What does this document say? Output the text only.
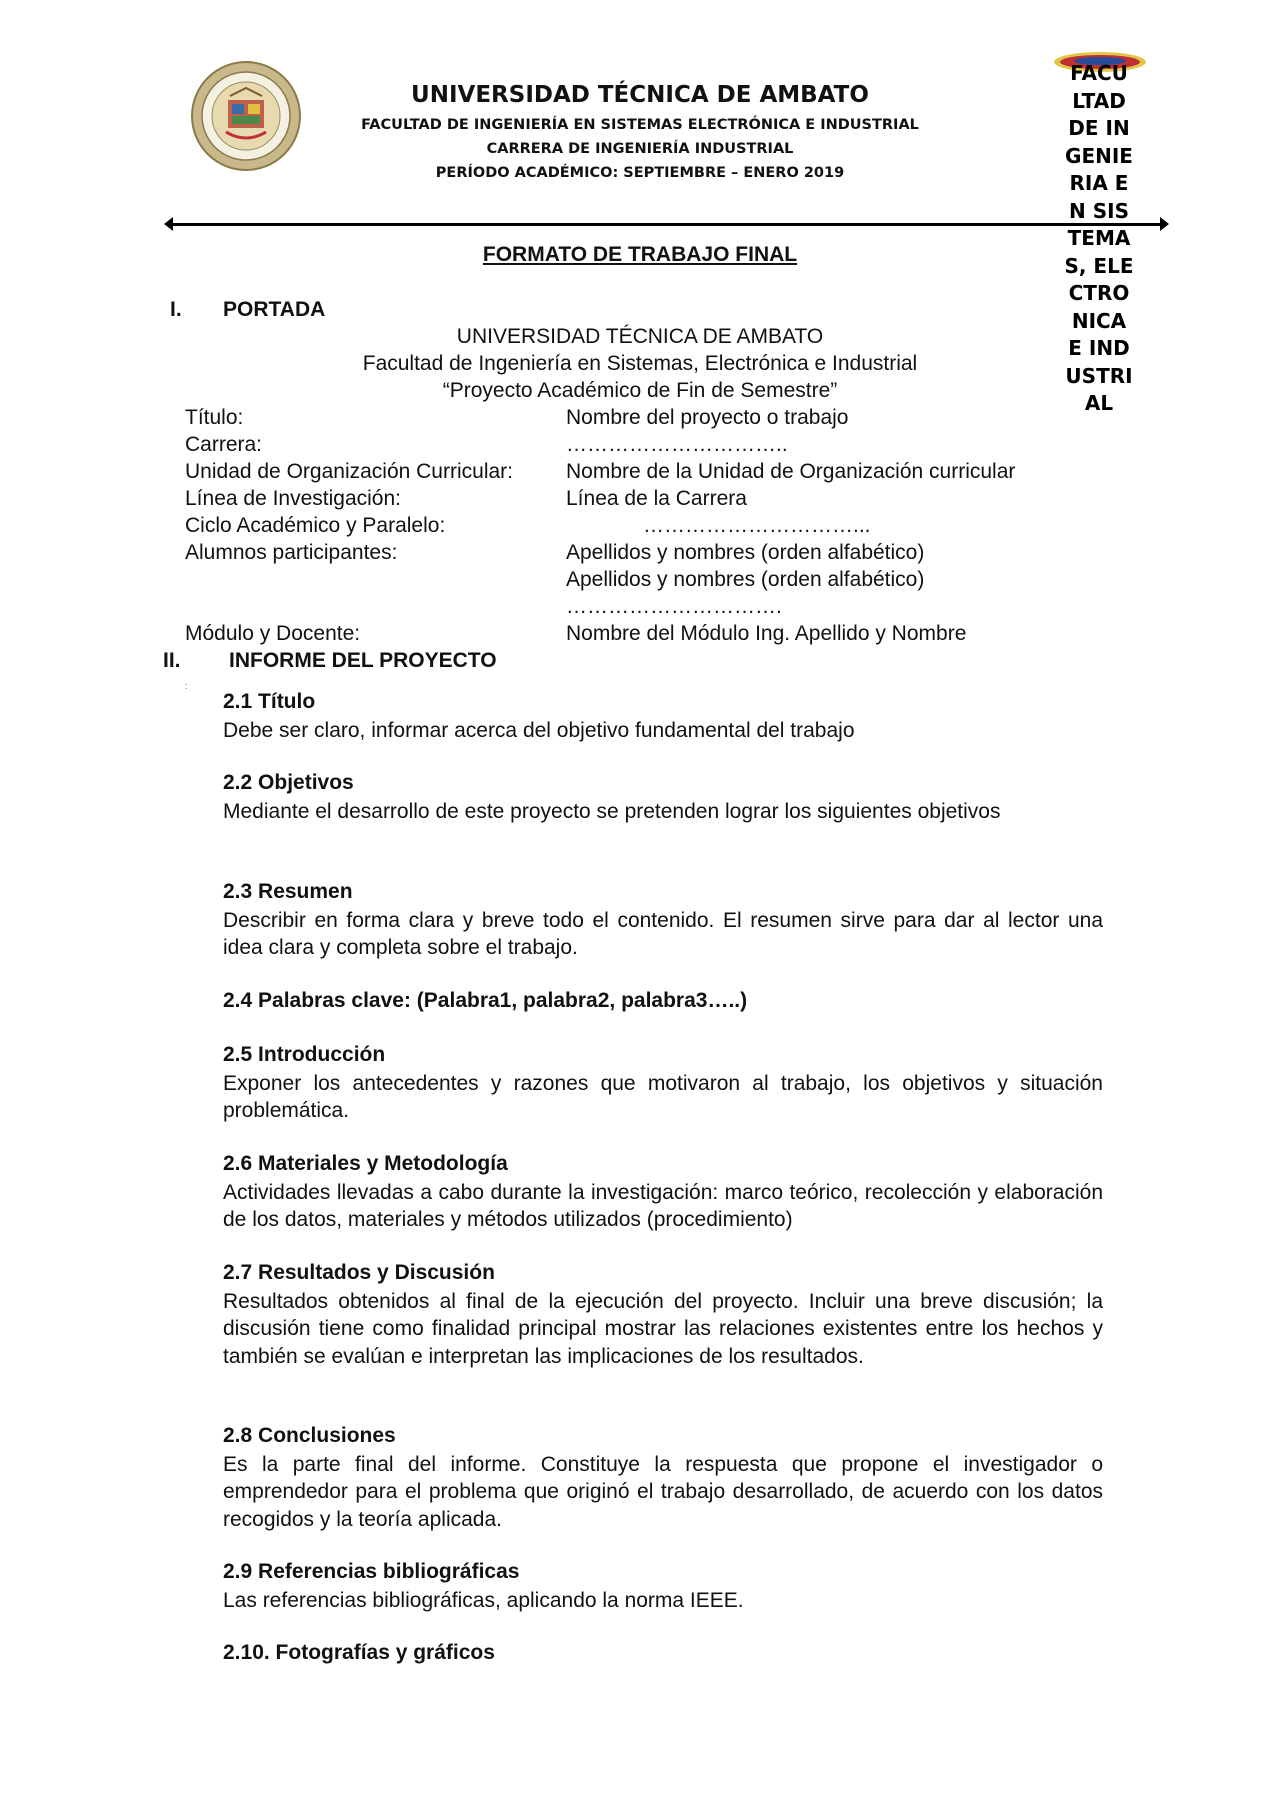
UNIVERSIDAD TÉCNICA DE AMBATO
FACULTAD DE INGENIERÍA EN SISTEMAS ELECTRÓNICA E INDUSTRIAL
CARRERA DE INGENIERÍA INDUSTRIAL
PERÍODO ACADÉMICO: SEPTIEMBRE – ENERO 2019
FACULTAD DE INGENIERIA EN SISTEMAS, ELECTRONICA E INDUSTRIAL
FORMATO DE TRABAJO FINAL
I. PORTADA
UNIVERSIDAD TÉCNICA DE AMBATO
Facultad de Ingeniería en Sistemas, Electrónica e Industrial
“Proyecto Académico de Fin de Semestre”
Título:	Nombre del proyecto o trabajo
Carrera:	…………………………..
Unidad de Organización Curricular:	Nombre de la Unidad de Organización curricular
Línea de Investigación:	Línea de la Carrera
Ciclo Académico y Paralelo:	…………………………...
Alumnos participantes:	Apellidos y nombres (orden alfabético)
Apellidos y nombres (orden alfabético)
………………………….
Módulo y Docente:	Nombre del Módulo Ing. Apellido y Nombre
II. INFORME DEL PROYECTO
:
2.1 Título
Debe ser claro, informar acerca del objetivo fundamental del trabajo
2.2 Objetivos
Mediante el desarrollo de este proyecto se pretenden lograr los siguientes objetivos
2.3 Resumen
Describir en forma clara y breve todo el contenido. El resumen sirve para dar al lector una idea clara y completa sobre el trabajo.
2.4 Palabras clave: (Palabra1, palabra2, palabra3…..)
2.5 Introducción
Exponer los antecedentes y razones que motivaron al trabajo, los objetivos y situación problemática.
2.6 Materiales y Metodología
Actividades llevadas a cabo durante la investigación: marco teórico, recolección y elaboración de los datos, materiales y métodos utilizados (procedimiento)
2.7 Resultados y Discusión
Resultados obtenidos al final de la ejecución del proyecto. Incluir una breve discusión; la discusión tiene como finalidad principal mostrar las relaciones existentes entre los hechos y también se evalúan e interpretan las implicaciones de los resultados.
2.8 Conclusiones
Es la parte final del informe. Constituye la respuesta que propone el investigador o emprendedor para el problema que originó el trabajo desarrollado, de acuerdo con los datos recogidos y la teoría aplicada.
2.9 Referencias bibliográficas
Las referencias bibliográficas, aplicando la norma IEEE.
2.10. Fotografías y gráficos
